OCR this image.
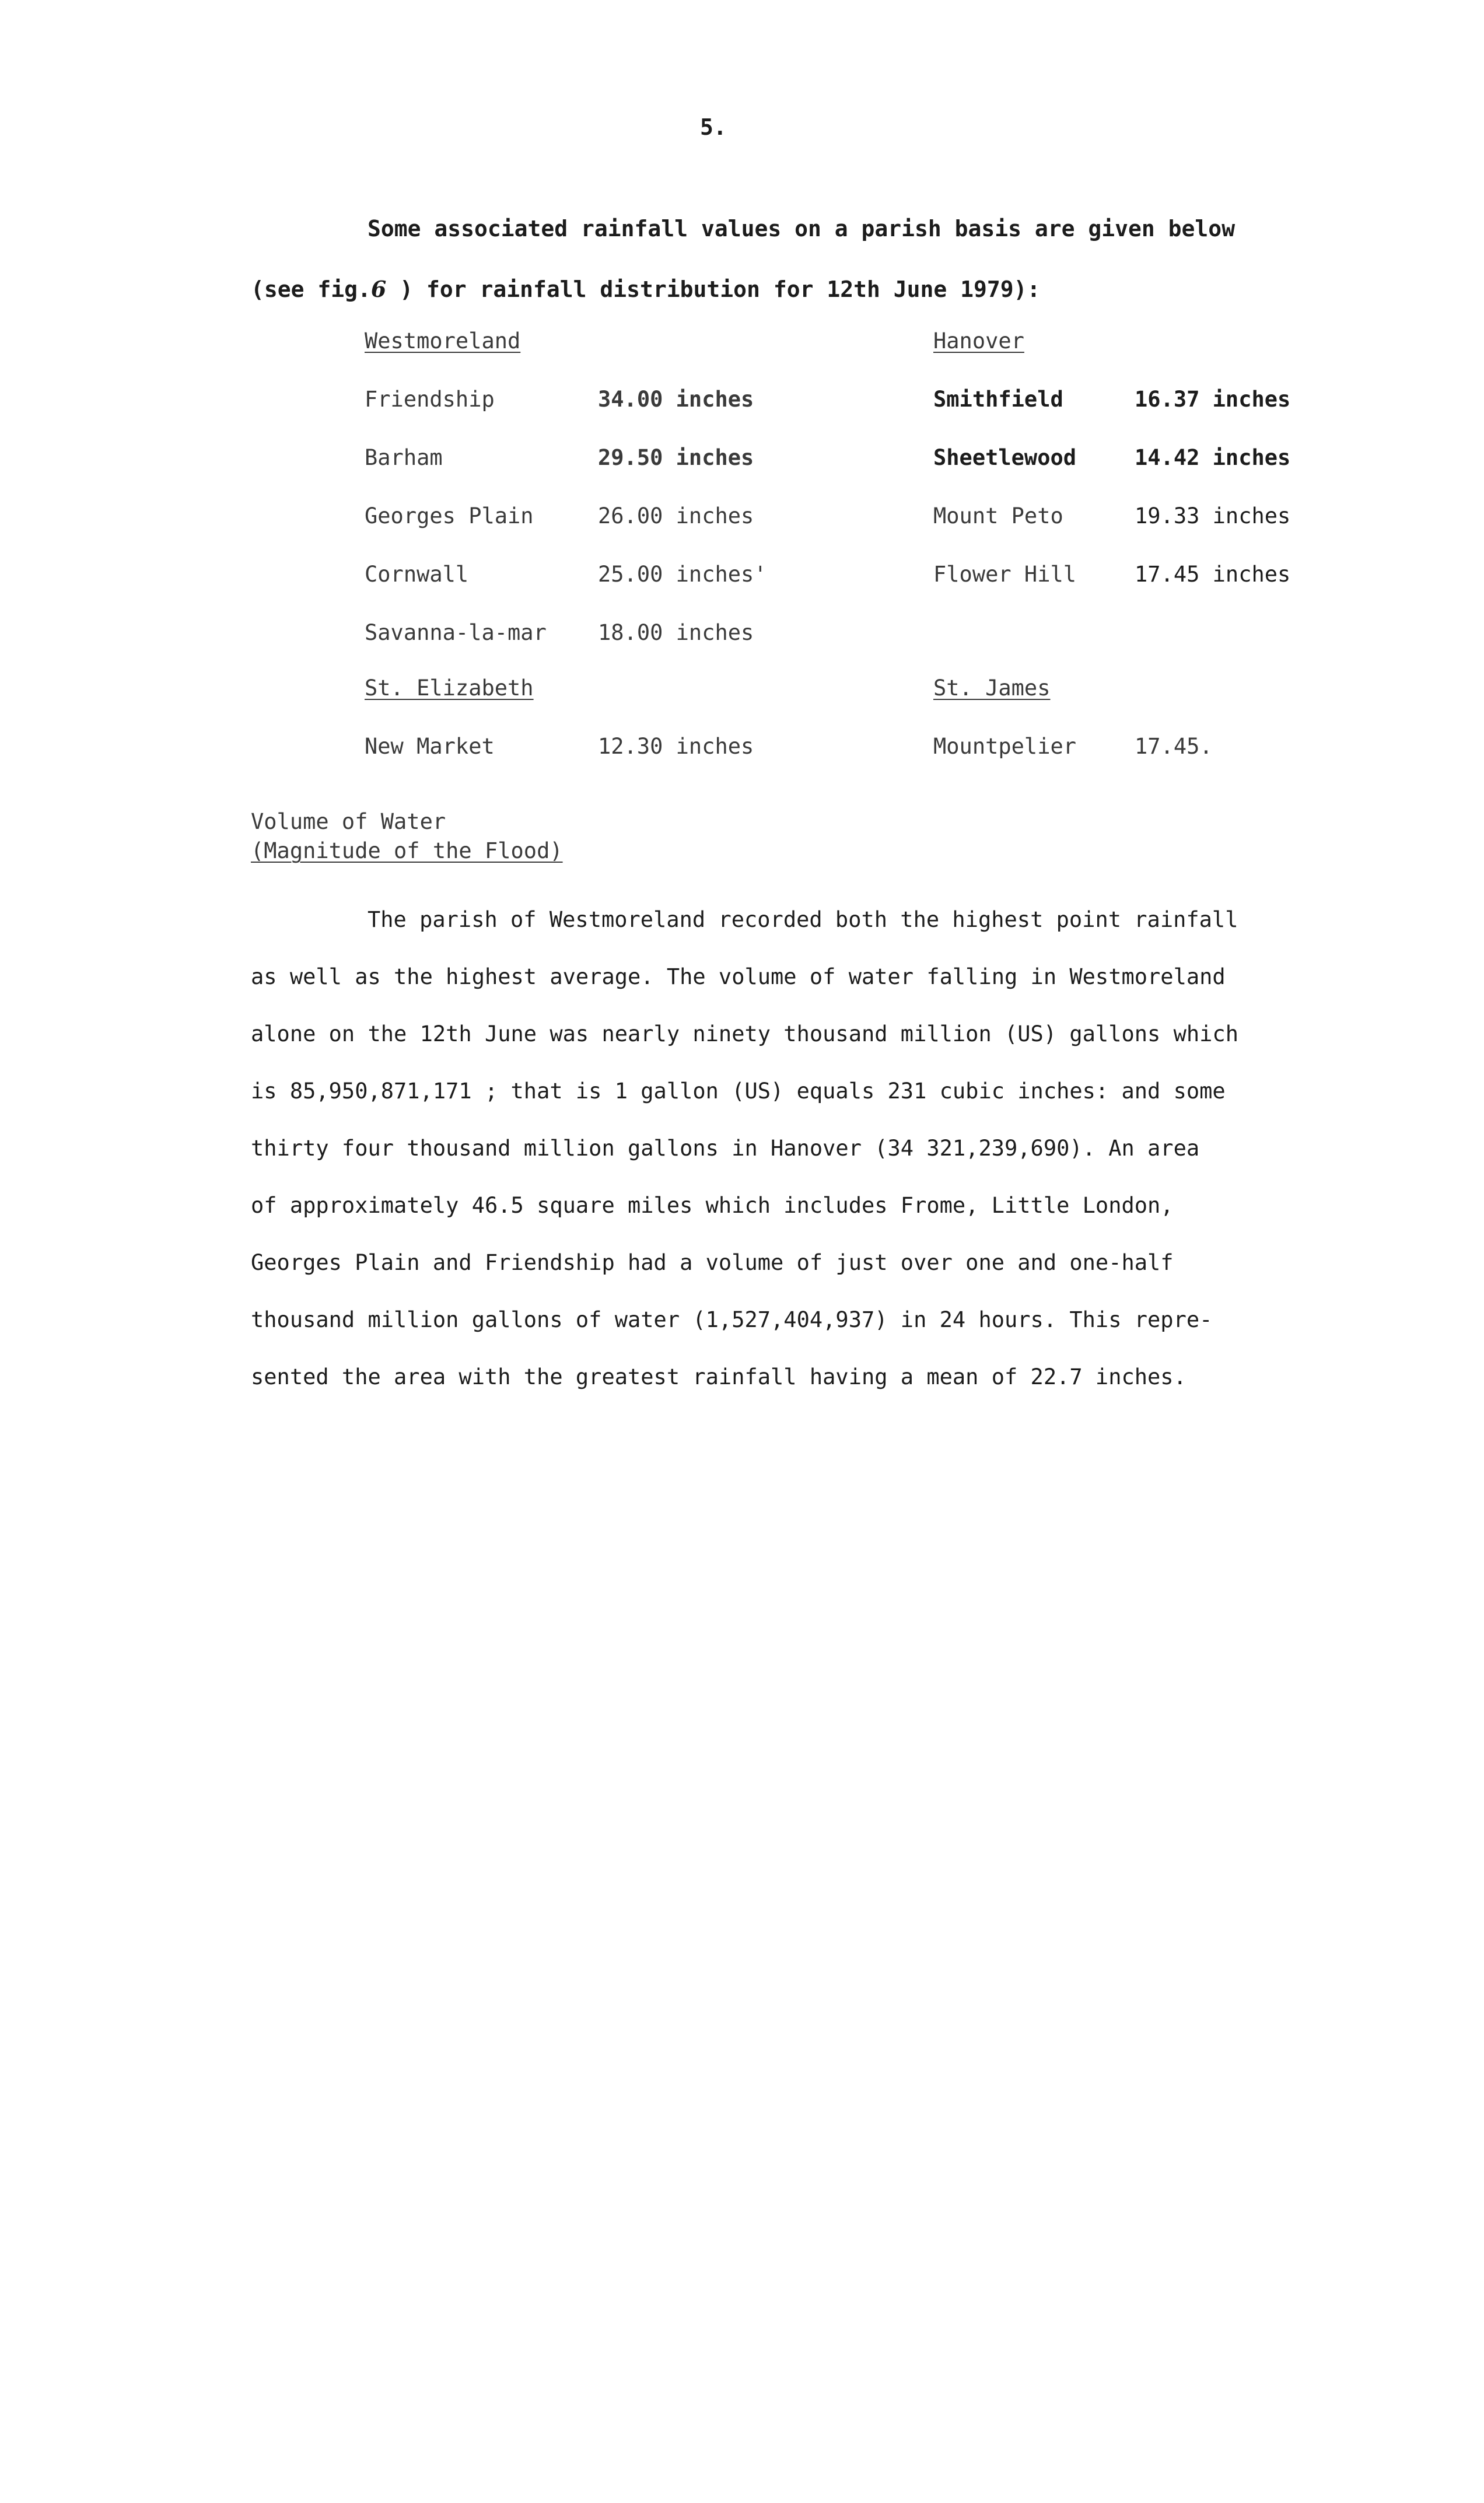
5.
Some associated rainfall values on a parish basis are given below
(see fig.6 ) for rainfall distribution for 12th June 1979):
Westmoreland
Friendship	34.00 inches
Barham	29.50 inches
Georges Plain	26.00 inches
Cornwall	25.00 inches'
Savanna-la-mar	18.00 inches
St. Elizabeth
New Market	12.30 inches
Hanover
Smithfield	16.37 inches
Sheetlewood	14.42 inches
Mount Peto	19.33 inches
Flower Hill	17.45 inches
St. James
Mountpelier	17.45.
Volume of Water
(Magnitude of the Flood)
The parish of Westmoreland recorded both the highest point rainfall
as well as the highest average. The volume of water falling in Westmoreland
alone on the 12th June was nearly ninety thousand million (US) gallons which
is 85,950,871,171 ; that is 1 gallon (US) equals 231 cubic inches: and some
thirty four thousand million gallons in Hanover (34 321,239,690). An area
of approximately 46.5 square miles which includes Frome, Little London,
Georges Plain and Friendship had a volume of just over one and one-half
thousand million gallons of water (1,527,404,937) in 24 hours. This repre-
sented the area with the greatest rainfall having a mean of 22.7 inches.
